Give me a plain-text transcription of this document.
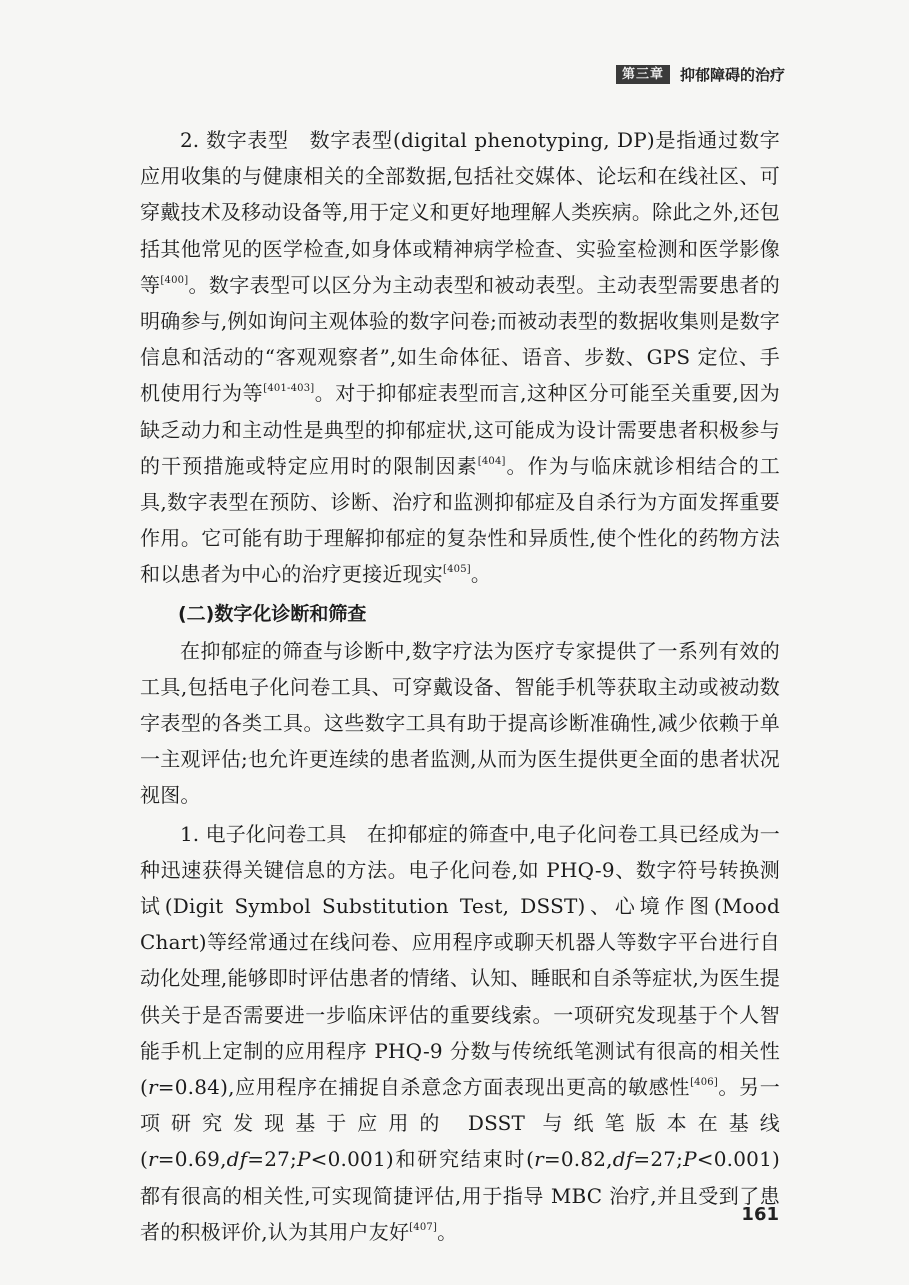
第三章	抑郁障碍的治疗

2. 数字表型　 数字表型(digital phenotyping, DP)是指通过数字应用收集的与健康相关的全部数据,包括社交媒体、论坛和在线社区、可穿戴技术及移动设备等,用于定义和更好地理解人类疾病。除此之外,还包括其他常见的医学检查,如身体或精神病学检查、实验室检测和医学影像等[400]。数字表型可以区分为主动表型和被动表型。主动表型需要患者的明确参与,例如询问主观体验的数字问卷;而被动表型的数据收集则是数字信息和活动的“客观观察者”,如生命体征、语音、步数、GPS 定位、手机使用行为等[401-403]。对于抑郁症表型而言,这种区分可能至关重要,因为缺乏动力和主动性是典型的抑郁症状,这可能成为设计需要患者积极参与的干预措施或特定应用时的限制因素[404]。作为与临床就诊相结合的工具,数字表型在预防、诊断、治疗和监测抑郁症及自杀行为方面发挥重要作用。它可能有助于理解抑郁症的复杂性和异质性,使个性化的药物方法和以患者为中心的治疗更接近现实[405]。

(二)数字化诊断和筛查

在抑郁症的筛查与诊断中,数字疗法为医疗专家提供了一系列有效的工具,包括电子化问卷工具、可穿戴设备、智能手机等获取主动或被动数字表型的各类工具。这些数字工具有助于提高诊断准确性,减少依赖于单一主观评估;也允许更连续的患者监测,从而为医生提供更全面的患者状况视图。

1. 电子化问卷工具　 在抑郁症的筛查中,电子化问卷工具已经成为一种迅速获得关键信息的方法。电子化问卷,如 PHQ-9、数字符号转换测试(Digit Symbol Substitution Test, DSST)、心境作图(Mood Chart)等经常通过在线问卷、应用程序或聊天机器人等数字平台进行自动化处理,能够即时评估患者的情绪、认知、睡眠和自杀等症状,为医生提供关于是否需要进一步临床评估的重要线索。一项研究发现基于个人智能手机上定制的应用程序 PHQ-9 分数与传统纸笔测试有很高的相关性(r=0.84),应用程序在捕捉自杀意念方面表现出更高的敏感性[406]。另一项研究发现基于应用的 DSST 与纸笔版本在基线(r=0.69,df=27;P<0.001)和研究结束时(r=0.82,df=27;P<0.001)都有很高的相关性,可实现简捷评估,用于指导 MBC 治疗,并且受到了患者的积极评价,认为其用户友好[407]。

161
